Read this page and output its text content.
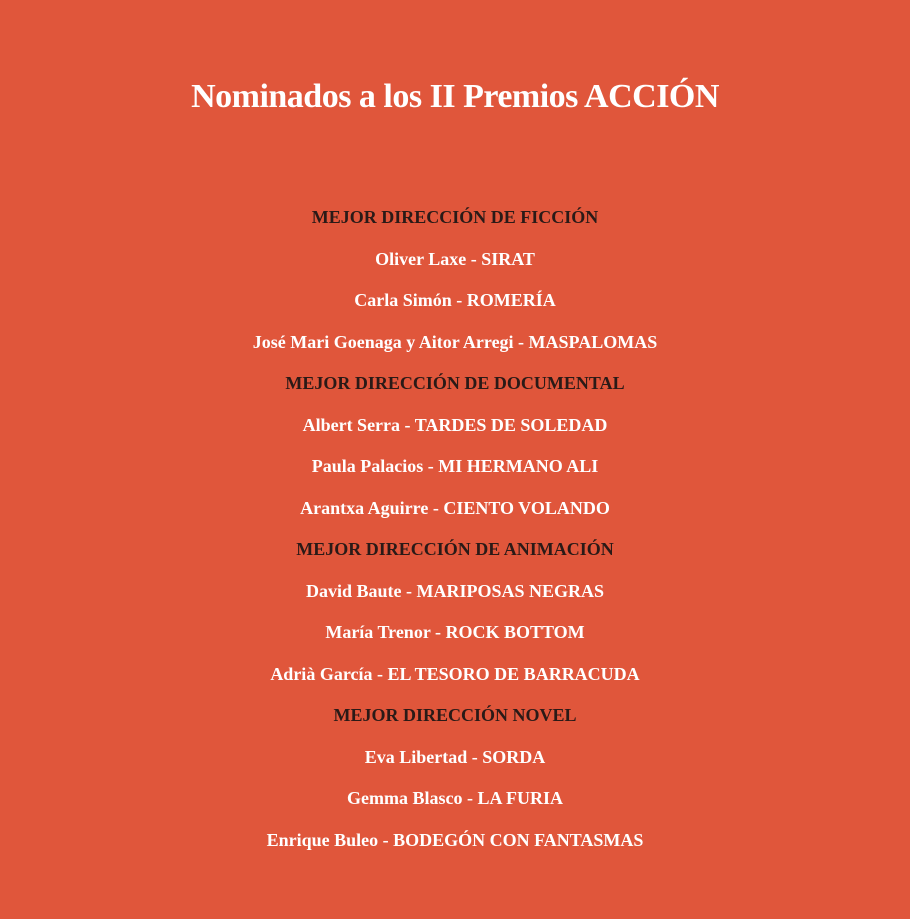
Nominados a los II Premios ACCIÓN
MEJOR DIRECCIÓN DE FICCIÓN
Oliver Laxe - SIRAT
Carla Simón - ROMERÍA
José Mari Goenaga y Aitor Arregi - MASPALOMAS
MEJOR DIRECCIÓN DE DOCUMENTAL
Albert Serra - TARDES DE SOLEDAD
Paula Palacios - MI HERMANO ALI
Arantxa Aguirre - CIENTO VOLANDO
MEJOR DIRECCIÓN DE ANIMACIÓN
David Baute - MARIPOSAS NEGRAS
María Trenor - ROCK BOTTOM
Adrià García - EL TESORO DE BARRACUDA
MEJOR DIRECCIÓN NOVEL
Eva Libertad - SORDA
Gemma Blasco - LA FURIA
Enrique Buleo - BODEGÓN CON FANTASMAS
